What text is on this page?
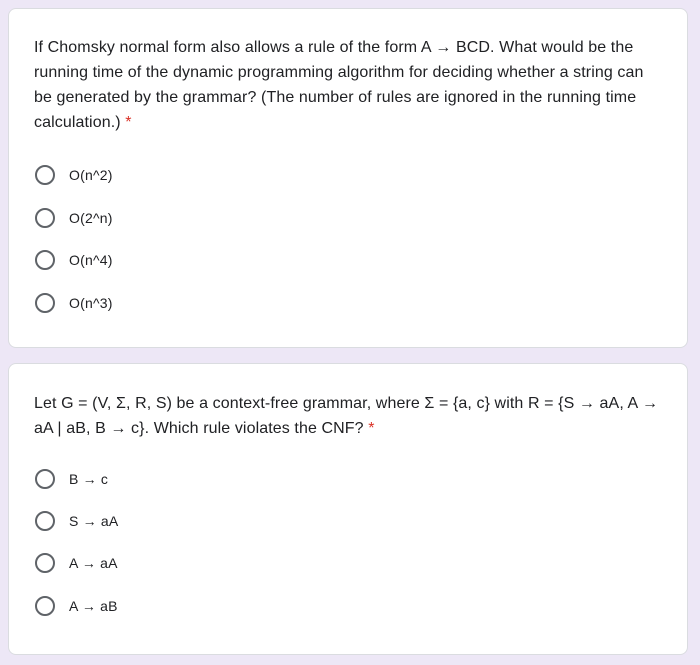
If Chomsky normal form also allows a rule of the form A → BCD. What would be the running time of the dynamic programming algorithm for deciding whether a string can be generated by the grammar? (The number of rules are ignored in the running time calculation.) *

O(n^2)
O(2^n)
O(n^4)
O(n^3)

Let G = (V, Σ, R, S) be a context-free grammar, where Σ = {a, c} with R = {S → aA, A → aA | aB, B → c}. Which rule violates the CNF? *

B → c
S → aA
A → aA
A → aB
